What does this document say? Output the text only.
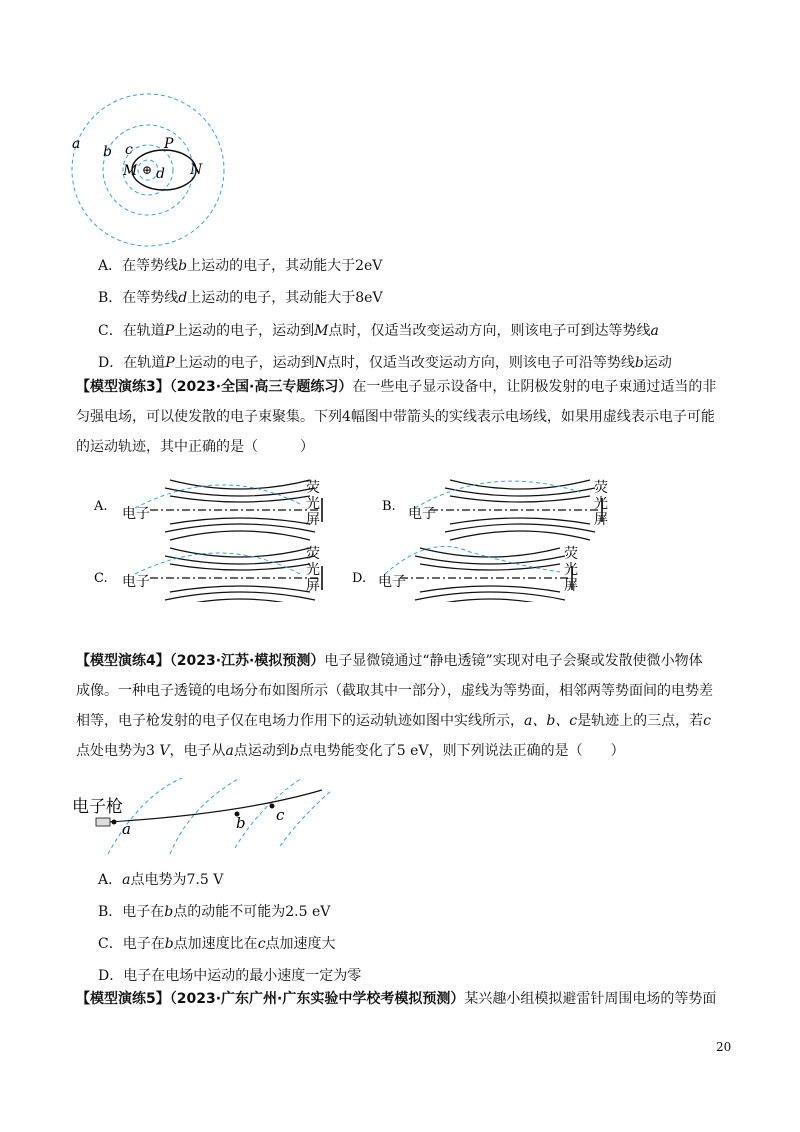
a b c P
M	N
d
⊕
A．在等势线b上运动的电子，其动能大于2eV
B．在等势线d上运动的电子，其动能大于8eV
C．在轨道P上运动的电子，运动到M点时，仅适当改变运动方向，则该电子可到达等势线a
D．在轨道P上运动的电子，运动到N点时，仅适当改变运动方向，则该电子可沿等势线b运动
【模型演练3】（2023·全国·高三专题练习）在一些电子显示设备中，让阴极发射的电子束通过适当的非
匀强电场，可以使发散的电子束聚集。下列4幅图中带箭头的实线表示电场线，如果用虚线表示电子可能
的运动轨迹，其中正确的是（　　　）
A. 电子
荧
光
屏
B. 电子
荧
光
屏
C. 电子
荧
光
屏 D. 电子
荧
光
屏
【模型演练4】（2023·江苏·模拟预测）电子显微镜通过“静电透镜”实现对电子会聚或发散使微小物体
成像。一种电子透镜的电场分布如图所示（截取其中一部分），虚线为等势面，相邻两等势面间的电势差
相等，电子枪发射的电子仅在电场力作用下的运动轨迹如图中实线所示，a、b、c是轨迹上的三点，若c
点处电势为3 V，电子从a点运动到b点电势能变化了5 eV，则下列说法正确的是（　　）
电子枪
a	b c
A．a点电势为7.5 V
B．电子在b点的动能不可能为2.5 eV
C．电子在b点加速度比在c点加速度大
D．电子在电场中运动的最小速度一定为零
【模型演练5】（2023·广东广州·广东实验中学校考模拟预测）某兴趣小组模拟避雷针周围电场的等势面
20
